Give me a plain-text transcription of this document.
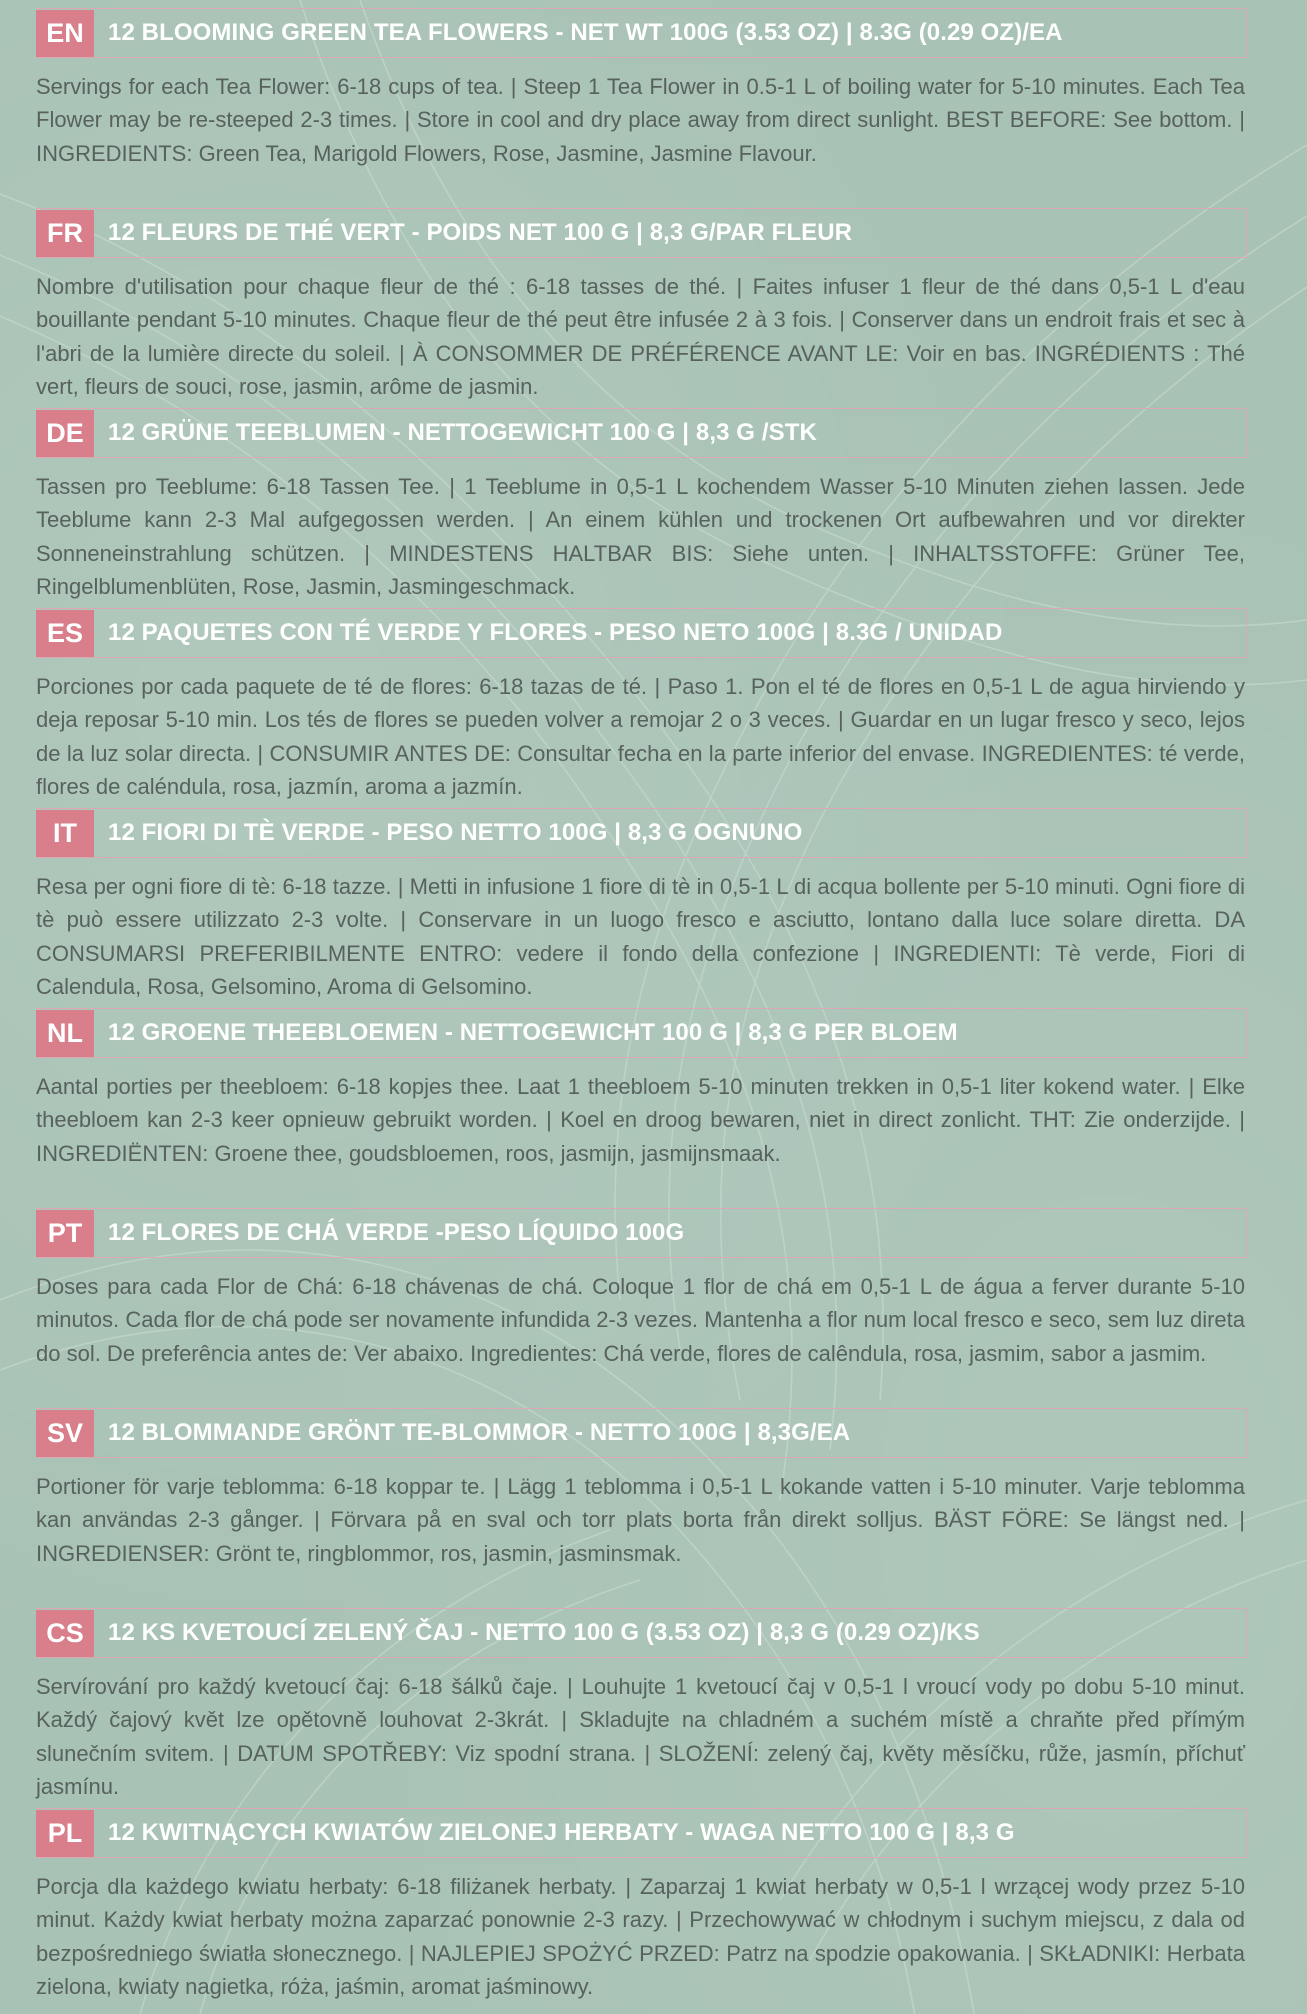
EN	12 BLOOMING GREEN TEA FLOWERS - NET WT 100G (3.53 OZ) | 8.3G (0.29 OZ)/EA
Servings for each Tea Flower: 6-18 cups of tea. | Steep 1 Tea Flower in 0.5-1 L of boiling water for 5-10 minutes. Each Tea Flower may be re-steeped 2-3 times. | Store in cool and dry place away from direct sunlight. BEST BEFORE: See bottom. | INGREDIENTS: Green Tea, Marigold Flowers, Rose, Jasmine, Jasmine Flavour.
FR	12 FLEURS DE THÉ VERT - POIDS NET 100 G | 8,3 G/PAR FLEUR
Nombre d'utilisation pour chaque fleur de thé : 6-18 tasses de thé. | Faites infuser 1 fleur de thé dans 0,5-1 L d'eau bouillante pendant 5-10 minutes. Chaque fleur de thé peut être infusée 2 à 3 fois. | Conserver dans un endroit frais et sec à l'abri de la lumière directe du soleil. | À CONSOMMER DE PRÉFÉRENCE AVANT LE: Voir en bas. INGRÉDIENTS : Thé vert, fleurs de souci, rose, jasmin, arôme de jasmin.
DE	12 GRÜNE TEEBLUMEN - NETTOGEWICHT 100 G | 8,3 G /STK
Tassen pro Teeblume: 6-18 Tassen Tee. | 1 Teeblume in 0,5-1 L kochendem Wasser 5-10 Minuten ziehen lassen. Jede Teeblume kann 2-3 Mal aufgegossen werden. | An einem kühlen und trockenen Ort aufbewahren und vor direkter Sonneneinstrahlung schützen. | MINDESTENS HALTBAR BIS: Siehe unten. | INHALTSSTOFFE: Grüner Tee, Ringelblumenblüten, Rose, Jasmin, Jasmingeschmack.
ES	12 PAQUETES CON TÉ VERDE Y FLORES - PESO NETO 100G | 8.3G / UNIDAD
Porciones por cada paquete de té de flores: 6-18 tazas de té. | Paso 1. Pon el té de flores en 0,5-1 L de agua hirviendo y deja reposar 5-10 min. Los tés de flores se pueden volver a remojar 2 o 3 veces. | Guardar en un lugar fresco y seco, lejos de la luz solar directa. | CONSUMIR ANTES DE: Consultar fecha en la parte inferior del envase. INGREDIENTES: té verde, flores de caléndula, rosa, jazmín, aroma a jazmín.
IT	12 FIORI DI TÈ VERDE - PESO NETTO 100G | 8,3 G OGNUNO
Resa per ogni fiore di tè: 6-18 tazze. | Metti in infusione 1 fiore di tè in 0,5-1 L di acqua bollente per 5-10 minuti. Ogni fiore di tè può essere utilizzato 2-3 volte. | Conservare in un luogo fresco e asciutto, lontano dalla luce solare diretta. DA CONSUMARSI PREFERIBILMENTE ENTRO: vedere il fondo della confezione | INGREDIENTI: Tè verde, Fiori di Calendula, Rosa, Gelsomino, Aroma di Gelsomino.
NL	12 GROENE THEEBLOEMEN - NETTOGEWICHT 100 G | 8,3 G PER BLOEM
Aantal porties per theebloem: 6-18 kopjes thee. Laat 1 theebloem 5-10 minuten trekken in 0,5-1 liter kokend water. | Elke theebloem kan 2-3 keer opnieuw gebruikt worden. | Koel en droog bewaren, niet in direct zonlicht. THT: Zie onderzijde. | INGREDIËNTEN: Groene thee, goudsbloemen, roos, jasmijn, jasmijnsmaak.
PT	12 FLORES DE CHÁ VERDE -PESO LÍQUIDO 100G
Doses para cada Flor de Chá: 6-18 chávenas de chá. Coloque 1 flor de chá em 0,5-1 L de água a ferver durante 5-10 minutos. Cada flor de chá pode ser novamente infundida 2-3 vezes. Mantenha a flor num local fresco e seco, sem luz direta do sol. De preferência antes de: Ver abaixo. Ingredientes: Chá verde, flores de calêndula, rosa, jasmim, sabor a jasmim.
SV	12 BLOMMANDE GRÖNT TE-BLOMMOR - NETTO 100G | 8,3G/EA
Portioner för varje teblomma: 6-18 koppar te. | Lägg 1 teblomma i 0,5-1 L kokande vatten i 5-10 minuter. Varje teblomma kan användas 2-3 gånger. | Förvara på en sval och torr plats borta från direkt solljus. BÄST FÖRE: Se längst ned. | INGREDIENSER: Grönt te, ringblommor, ros, jasmin, jasminsmak.
CS	12 KS KVETOUCÍ ZELENÝ ČAJ - NETTO 100 G (3.53 OZ) | 8,3 G (0.29 OZ)/KS
Servírování pro každý kvetoucí čaj: 6-18 šálků čaje. | Louhujte 1 kvetoucí čaj v 0,5-1 l vroucí vody po dobu 5-10 minut. Každý čajový květ lze opětovně louhovat 2-3krát. | Skladujte na chladném a suchém místě a chraňte před přímým slunečním svitem. | DATUM SPOTŘEBY: Viz spodní strana. | SLOŽENÍ: zelený čaj, květy měsíčku, růže, jasmín, příchuť jasmínu.
PL	12 KWITNĄCYCH KWIATÓW ZIELONEJ HERBATY - WAGA NETTO 100 G | 8,3 G
Porcja dla każdego kwiatu herbaty: 6-18 filiżanek herbaty. | Zaparzaj 1 kwiat herbaty w 0,5-1 l wrzącej wody przez 5-10 minut. Każdy kwiat herbaty można zaparzać ponownie 2-3 razy. | Przechowywać w chłodnym i suchym miejscu, z dala od bezpośredniego światła słonecznego. | NAJLEPIEJ SPOŻYĆ PRZED: Patrz na spodzie opakowania. | SKŁADNIKI: Herbata zielona, kwiaty nagietka, róża, jaśmin, aromat jaśminowy.
